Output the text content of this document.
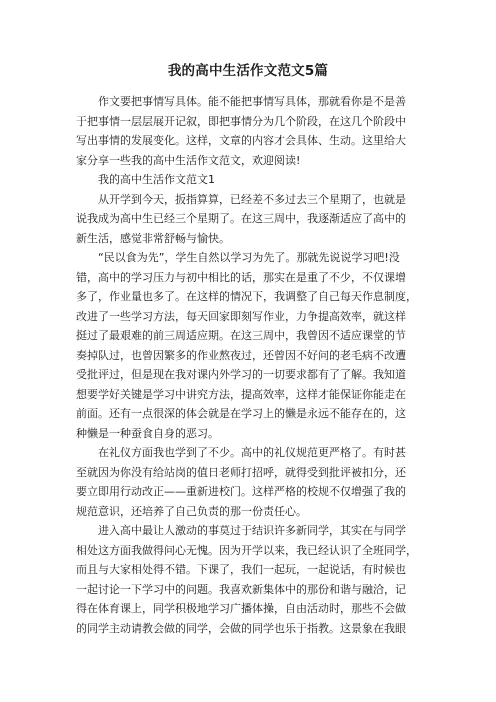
我的高中生活作文范文5篇
　　作文要把事情写具体。能不能把事情写具体，那就看你是不是善
于把事情一层层展开记叙，即把事情分为几个阶段，在这几个阶段中
写出事情的发展变化。这样，文章的内容才会具体、生动。这里给大
家分享一些我的高中生活作文范文，欢迎阅读!
　　我的高中生活作文范文1
　　从开学到今天，扳指算算，已经差不多过去三个星期了，也就是
说我成为高中生已经三个星期了。在这三周中，我逐渐适应了高中的
新生活，感觉非常舒畅与愉快。
　　“民以食为先”，学生自然以学习为先了。那就先说说学习吧!没
错，高中的学习压力与初中相比的话，那实在是重了不少，不仅课增
多了，作业量也多了。在这样的情况下，我调整了自己每天作息制度，
改进了一些学习方法，每天回家即刻写作业，力争提高效率，就这样
挺过了最艰难的前三周适应期。在这三周中，我曾因不适应课堂的节
奏掉队过，也曾因繁多的作业熬夜过，还曾因不好问的老毛病不改遭
受批评过，但是现在我对课内外学习的一切要求都有了了解。我知道
想要学好关键是学习中讲究方法，提高效率，这样才能保证你能走在
前面。还有一点很深的体会就是在学习上的懒是永远不能存在的，这
种懒是一种蚕食自身的恶习。
　　在礼仪方面我也学到了不少。高中的礼仪规范更严格了。有时甚
至就因为你没有给站岗的值日老师打招呼，就得受到批评被扣分，还
要立即用行动改正——重新进校门。这样严格的校规不仅增强了我的
规范意识，还培养了自己负责的那一份责任心。
　　进入高中最让人激动的事莫过于结识许多新同学，其实在与同学
相处这方面我做得问心无愧。因为开学以来，我已经认识了全班同学，
而且与大家相处得不错。下课了，我们一起玩，一起说话，有时候也
一起讨论一下学习中的问题。我喜欢新集体中的那份和谐与融洽，记
得在体育课上，同学积极地学习广播体操，自由活动时，那些不会做
的同学主动请教会做的同学，会做的同学也乐于指教。这景象在我眼
